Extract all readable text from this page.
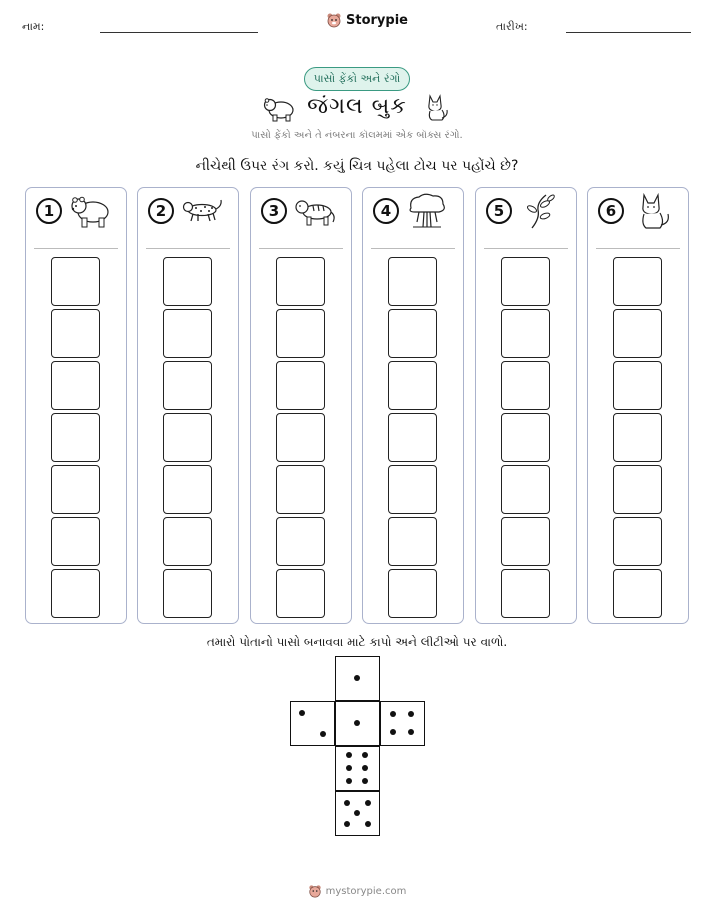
નામ:	Storypie	તારીખ:
પાસો ફેંકો અને રંગો
જંગલ બુક
પાસો ફેંકો અને તે નંબરના કૉલમમાં એક બૉક્સ રંગો.
નીચેથી ઉપર રંગ કરો. કયું ચિત્ર પહેલા ટોચ પર પહોંચે છે?
1	2	3	4	5	6
તમારો પોતાનો પાસો બનાવવા માટે કાપો અને લીટીઓ પર વાળો.
mystorypie.com
